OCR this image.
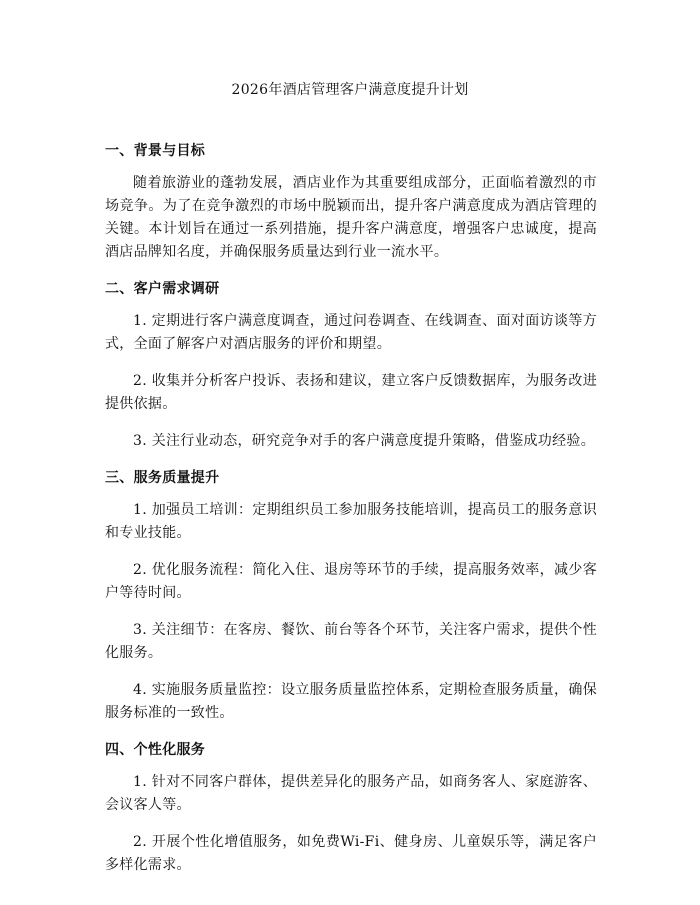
2026年酒店管理客户满意度提升计划
一、背景与目标

随着旅游业的蓬勃发展，酒店业作为其重要组成部分，正面临着激烈的市场竞争。为了在竞争激烈的市场中脱颖而出，提升客户满意度成为酒店管理的关键。本计划旨在通过一系列措施，提升客户满意度，增强客户忠诚度，提高酒店品牌知名度，并确保服务质量达到行业一流水平。

二、客户需求调研

1. 定期进行客户满意度调查，通过问卷调查、在线调查、面对面访谈等方式，全面了解客户对酒店服务的评价和期望。

2. 收集并分析客户投诉、表扬和建议，建立客户反馈数据库，为服务改进提供依据。

3. 关注行业动态，研究竞争对手的客户满意度提升策略，借鉴成功经验。

三、服务质量提升

1. 加强员工培训：定期组织员工参加服务技能培训，提高员工的服务意识和专业技能。

2. 优化服务流程：简化入住、退房等环节的手续，提高服务效率，减少客户等待时间。

3. 关注细节：在客房、餐饮、前台等各个环节，关注客户需求，提供个性化服务。

4. 实施服务质量监控：设立服务质量监控体系，定期检查服务质量，确保服务标准的一致性。

四、个性化服务

1. 针对不同客户群体，提供差异化的服务产品，如商务客人、家庭游客、会议客人等。

2. 开展个性化增值服务，如免费Wi-Fi、健身房、儿童娱乐等，满足客户多样化需求。
